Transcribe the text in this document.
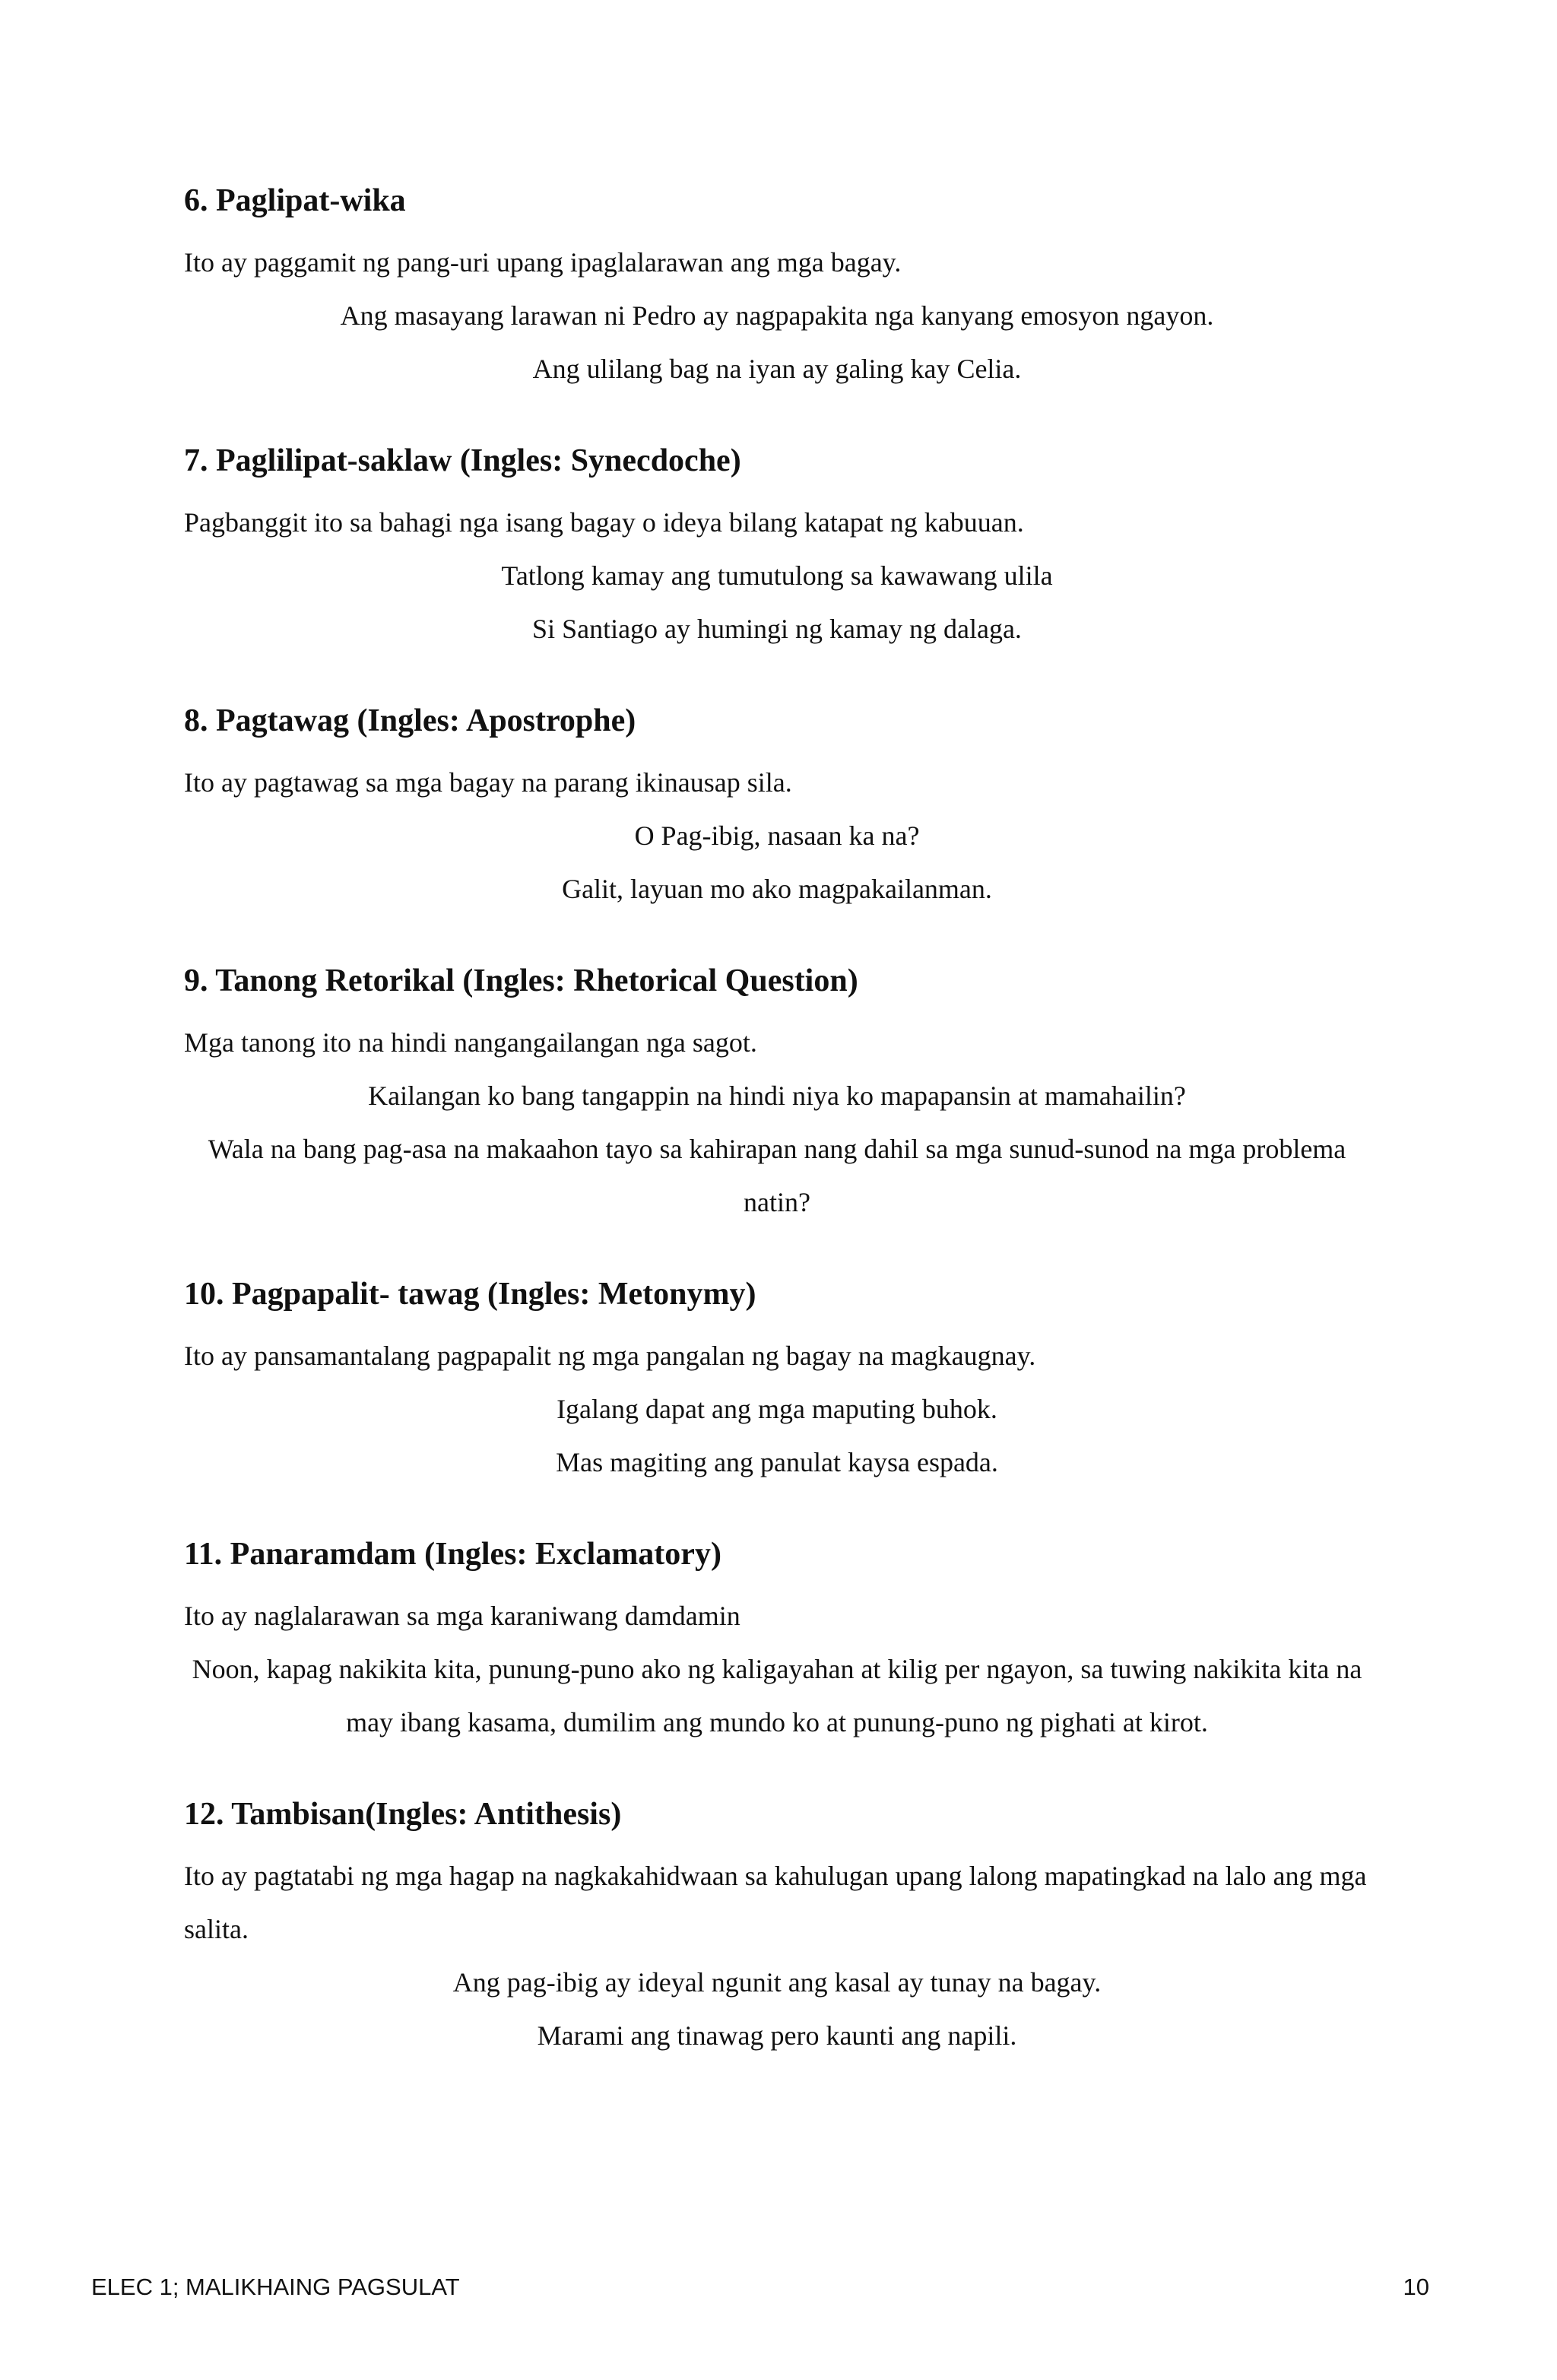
6. Paglipat-wika

Ito ay paggamit ng pang-uri upang ipaglalarawan ang mga bagay.

Ang masayang larawan ni Pedro ay nagpapakita nga kanyang emosyon ngayon.

Ang ulilang bag na iyan ay galing kay Celia.

7. Paglilipat-saklaw (Ingles: Synecdoche)

Pagbanggit ito sa bahagi nga isang bagay o ideya bilang katapat ng kabuuan.

Tatlong kamay ang tumutulong sa kawawang ulila

Si Santiago ay humingi ng kamay ng dalaga.

8. Pagtawag (Ingles: Apostrophe)

Ito ay pagtawag sa mga bagay na parang ikinausap sila.

O Pag-ibig, nasaan ka na?

Galit, layuan mo ako magpakailanman.

9. Tanong Retorikal (Ingles: Rhetorical Question)

Mga tanong ito na hindi nangangailangan nga sagot.

Kailangan ko bang tangappin na hindi niya ko mapapansin at mamahailin?

Wala na bang pag-asa na makaahon tayo sa kahirapan nang dahil sa mga sunud-sunod na mga problema natin?

10. Pagpapalit- tawag (Ingles: Metonymy)

Ito ay pansamantalang pagpapalit ng mga pangalan ng bagay na magkaugnay.

Igalang dapat ang mga maputing buhok.

Mas magiting ang panulat kaysa espada.

11. Panaramdam (Ingles: Exclamatory)

Ito ay naglalarawan sa mga karaniwang damdamin

Noon, kapag nakikita kita, punung-puno ako ng kaligayahan at kilig per ngayon, sa tuwing nakikita kita na may ibang kasama, dumilim ang mundo ko at punung-puno ng pighati at kirot.

12. Tambisan(Ingles: Antithesis)

Ito ay pagtatabi ng mga hagap na nagkakahidwaan sa kahulugan upang lalong mapatingkad na lalo ang mga salita.

Ang pag-ibig ay ideyal ngunit ang kasal ay tunay na bagay.

Marami ang tinawag pero kaunti ang napili.

ELEC 1; MALIKHAING PAGSULAT	10
